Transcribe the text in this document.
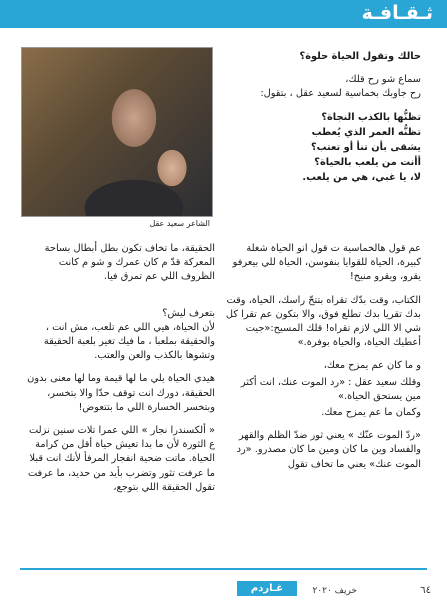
ثـقـافـة
الشاعر سعيد عقل

حالك وتقول الحياة حلوة؟

سماع شو رح قلك،

رح جاوبك بخماسية لسعيد عقل ، بتقول:

تظنُّها بالكذب النجاة؟
تظنُّه العمر الذي يُعطب
يشقى بأن تنأ أو تعتب؟
أأنت من يلعب بالحياة؟
لا، يا غبي، هي من يلعب.

عم قول هالخماسية ت قول انو الحياة شغلة كبيرة، الحياة للقوايا بنفوسن، الحياة للي بيعرفو يقرو، ويقرو منيح!

الكتاب، وقت بدّك تقراه بتتحّ راسك، الحياة، وقت بدك تقريا بدك تطلع فوق، والا بتكون عم تقرا كل شي الا اللي لازم تقراه! قلك المسيح:«جيت أعطيك الحياة، والحياة بوفرة.»

و ما كان عم يمزح معك،

وقلك سعيد عقل : «رد الموت عنك، انت أكثر مين يستحق الحياة.»

وكمان ما عم يمزح معك.

«ردّ الموت عنّك » يعني ثور ضدّ الظلم والقهر والفساد وين ما كان ومين ما كان مصدرو. «رد الموت عنك» يعني ما تخاف تقول

الحقيقة، ما تخاف تكون بطل أبطال بساحة المعركة قدّ م كان عمرك و شو م كانت الظروف اللي عم تمرق فيا.

بتعرف ليش؟

لأن الحياة، هيي اللي عم تلعب، مش انت ، والحقيقة بملعبا ، ما فيك تغير بلعبة الحقيقة وتشوها بالكذب والعن والعتب.

هيدي الحياة يلي ما لها قيمة وما لها معنى بدون الحقيقة، دورك انت توقف حدّا والا بتخسر، وبتخسر الخسارة اللي ما بتتعوض!

« ألكسندرا نجار » اللي عمرا تلات سنين نزلت ع الثورة لأن ما بدا تعيش حياة أقل من كرامة الحياة. ماتت ضحية انفجار المرفأ لأنك انت قبلا ما عرفت تثور وتضرب بأيد من حديد، ما عرفت تقول الحقيقة اللي بتوجع،

غـاردم	خريف ٢٠٢٠	٦٤
